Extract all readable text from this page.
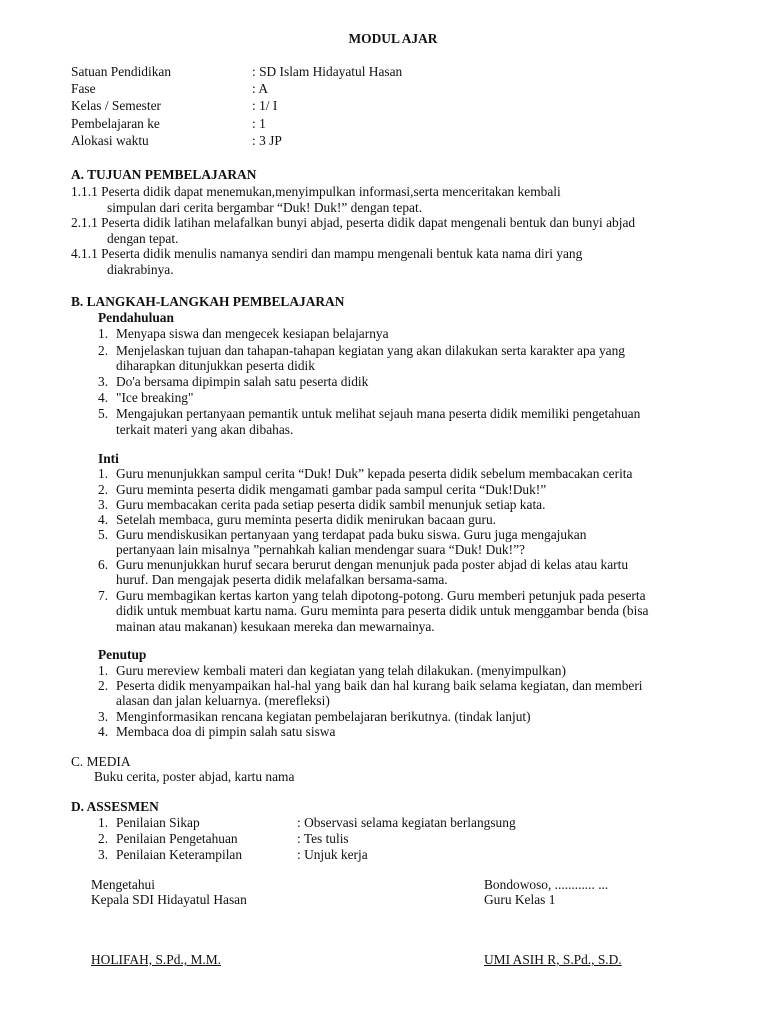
MODUL AJAR
Satuan Pendidikan	: SD Islam Hidayatul Hasan
Fase	: A
Kelas / Semester	: 1/ I
Pembelajaran ke	: 1
Alokasi waktu	: 3 JP
A. TUJUAN PEMBELAJARAN
1.1.1 Peserta didik dapat menemukan,menyimpulkan informasi,serta menceritakan kembali
simpulan dari cerita bergambar “Duk! Duk!” dengan tepat.
2.1.1 Peserta didik latihan melafalkan bunyi abjad, peserta didik dapat mengenali bentuk dan bunyi abjad
dengan tepat.
4.1.1 Peserta didik menulis namanya sendiri dan mampu mengenali bentuk kata nama diri yang
diakrabinya.
B. LANGKAH-LANGKAH PEMBELAJARAN
Pendahuluan
1. Menyapa siswa dan mengecek kesiapan belajarnya
2. Menjelaskan tujuan dan tahapan-tahapan kegiatan yang akan dilakukan serta karakter apa yang
diharapkan ditunjukkan peserta didik
3. Do'a bersama dipimpin salah satu peserta didik
4. "Ice breaking"
5. Mengajukan pertanyaan pemantik untuk melihat sejauh mana peserta didik memiliki pengetahuan
terkait materi yang akan dibahas.
Inti
1. Guru menunjukkan sampul cerita “Duk! Duk” kepada peserta didik sebelum membacakan cerita
2. Guru meminta peserta didik mengamati gambar pada sampul cerita “Duk!Duk!”
3. Guru membacakan cerita pada setiap peserta didik sambil menunjuk setiap kata.
4. Setelah membaca, guru meminta peserta didik menirukan bacaan guru.
5. Guru mendiskusikan pertanyaan yang terdapat pada buku siswa. Guru juga mengajukan
pertanyaan lain misalnya ”pernahkah kalian mendengar suara “Duk! Duk!”?
6. Guru menunjukkan huruf secara berurut dengan menunjuk pada poster abjad di kelas atau kartu
huruf. Dan mengajak peserta didik melafalkan bersama-sama.
7. Guru membagikan kertas karton yang telah dipotong-potong. Guru memberi petunjuk pada peserta
didik untuk membuat kartu nama. Guru meminta para peserta didik untuk menggambar benda (bisa
mainan atau makanan) kesukaan mereka dan mewarnainya.
Penutup
1. Guru mereview kembali materi dan kegiatan yang telah dilakukan. (menyimpulkan)
2. Peserta didik menyampaikan hal-hal yang baik dan hal kurang baik selama kegiatan, dan memberi
alasan dan jalan keluarnya. (merefleksi)
3. Menginformasikan rencana kegiatan pembelajaran berikutnya. (tindak lanjut)
4. Membaca doa di pimpin salah satu siswa
C. MEDIA
Buku cerita, poster abjad, kartu nama
D. ASSESMEN
1. Penilaian Sikap	: Observasi selama kegiatan berlangsung
2. Penilaian Pengetahuan	: Tes tulis
3. Penilaian Keterampilan	: Unjuk kerja
Mengetahui
Kepala SDI Hidayatul Hasan
HOLIFAH, S.Pd., M.M.
Bondowoso, ............ ...
Guru Kelas 1
UMI ASIH R, S.Pd., S.D.
